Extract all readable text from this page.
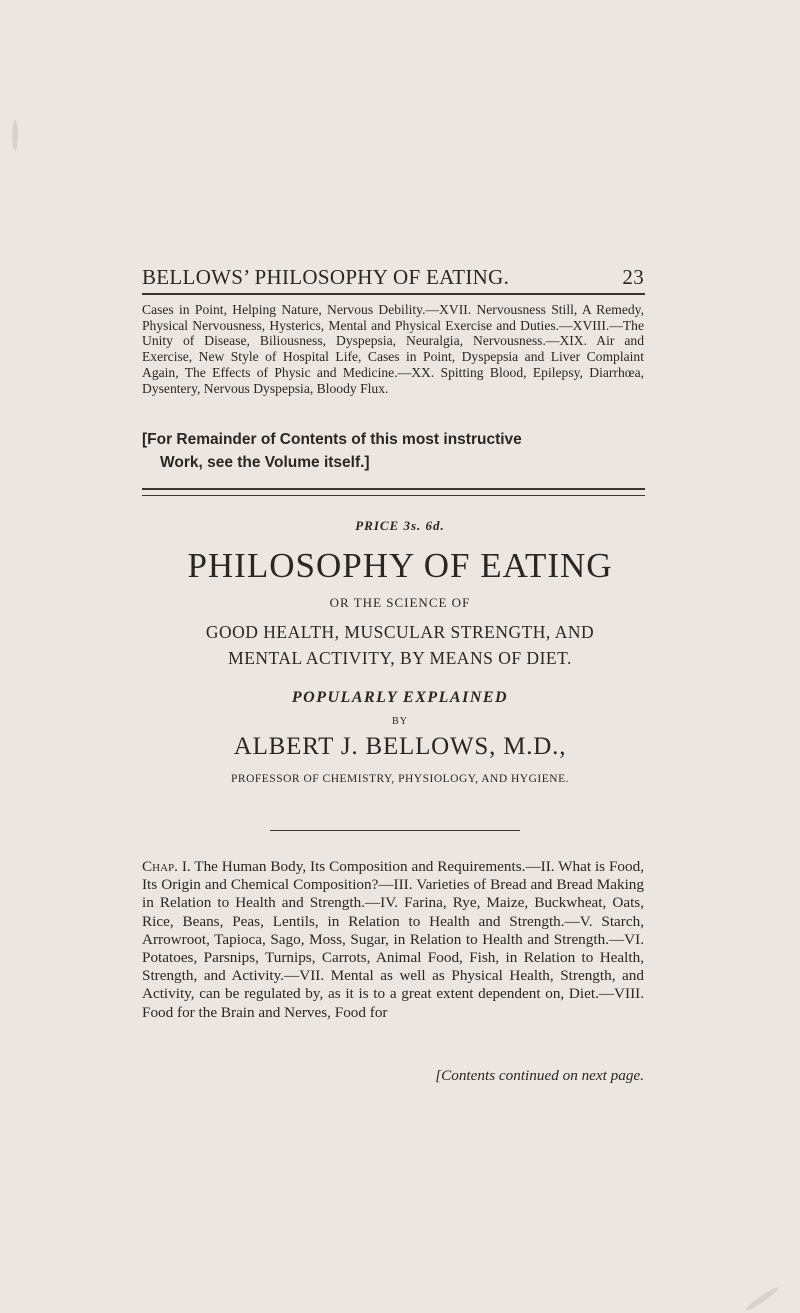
BELLOWS’ PHILOSOPHY OF EATING.	23
Cases in Point, Helping Nature, Nervous Debility.—XVII. Nervousness Still, A Remedy, Physical Nervousness, Hysterics, Mental and Physical Exercise and Duties.—XVIII.—The Unity of Disease, Biliousness, Dyspepsia, Neuralgia, Nervousness.—XIX. Air and Exercise, New Style of Hospital Life, Cases in Point, Dyspepsia and Liver Complaint Again, The Effects of Physic and Medicine.—XX. Spitting Blood, Epilepsy, Diarrhœa, Dysentery, Nervous Dyspepsia, Bloody Flux.
[For Remainder of Contents of this most instructive
Work, see the Volume itself.]
PRICE 3s. 6d.
PHILOSOPHY OF EATING
OR THE SCIENCE OF
GOOD HEALTH, MUSCULAR STRENGTH, AND
MENTAL ACTIVITY, BY MEANS OF DIET.
POPULARLY EXPLAINED
BY
ALBERT J. BELLOWS, M.D.,
PROFESSOR OF CHEMISTRY, PHYSIOLOGY, AND HYGIENE.
Chap. I. The Human Body, Its Composition and Requirements.—II. What is Food, Its Origin and Chemical Composition?—III. Varieties of Bread and Bread Making in Relation to Health and Strength.—IV. Farina, Rye, Maize, Buckwheat, Oats, Rice, Beans, Peas, Lentils, in Relation to Health and Strength.—V. Starch, Arrowroot, Tapioca, Sago, Moss, Sugar, in Relation to Health and Strength.—VI. Potatoes, Parsnips, Turnips, Carrots, Animal Food, Fish, in Relation to Health, Strength, and Activity.—VII. Mental as well as Physical Health, Strength, and Activity, can be regulated by, as it is to a great extent dependent on, Diet.—VIII. Food for the Brain and Nerves, Food for
[Contents continued on next page.
